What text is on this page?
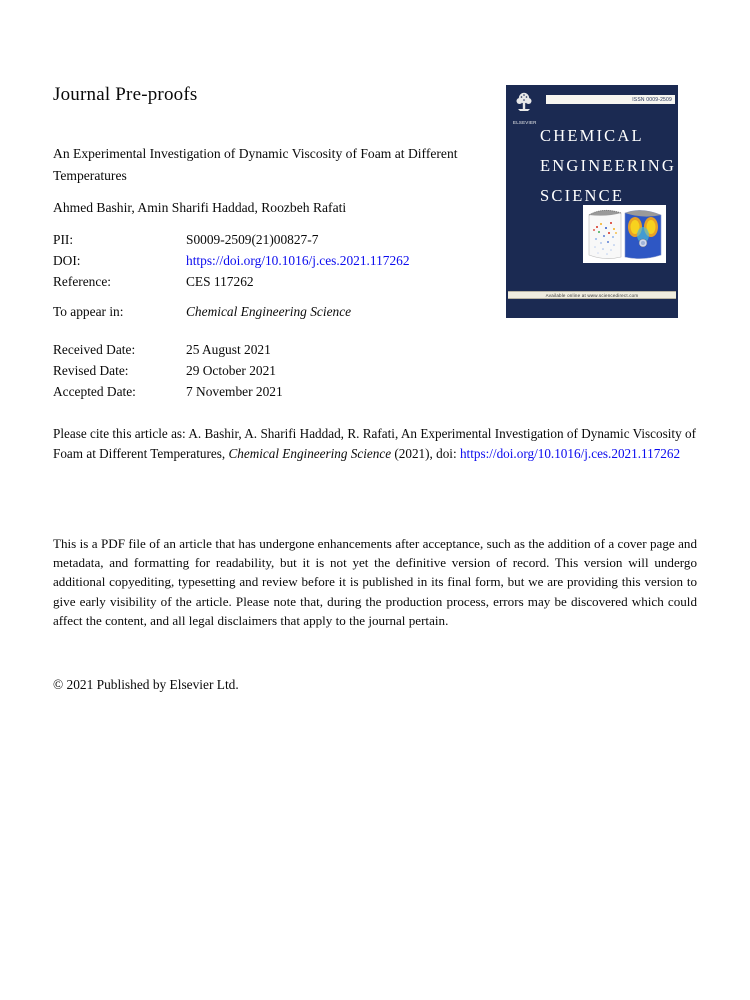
Journal Pre-proofs
An Experimental Investigation of Dynamic Viscosity of Foam at Different Temperatures
Ahmed Bashir, Amin Sharifi Haddad, Roozbeh Rafati
PII:	S0009-2509(21)00827-7
DOI:	https://doi.org/10.1016/j.ces.2021.117262
Reference:	CES 117262
To appear in:	Chemical Engineering Science
Received Date:	25 August 2021
Revised Date:	29 October 2021
Accepted Date:	7 November 2021
Please cite this article as: A. Bashir, A. Sharifi Haddad, R. Rafati, An Experimental Investigation of Dynamic Viscosity of Foam at Different Temperatures, Chemical Engineering Science (2021), doi: https://doi.org/10.1016/j.ces.2021.117262
This is a PDF file of an article that has undergone enhancements after acceptance, such as the addition of a cover page and metadata, and formatting for readability, but it is not yet the definitive version of record. This version will undergo additional copyediting, typesetting and review before it is published in its final form, but we are providing this version to give early visibility of the article. Please note that, during the production process, errors may be discovered which could affect the content, and all legal disclaimers that apply to the journal pertain.
© 2021 Published by Elsevier Ltd.
ELSEVIER
ISSN 0009-2509
CHEMICAL
ENGINEERING
SCIENCE
Available online at www.sciencedirect.com
